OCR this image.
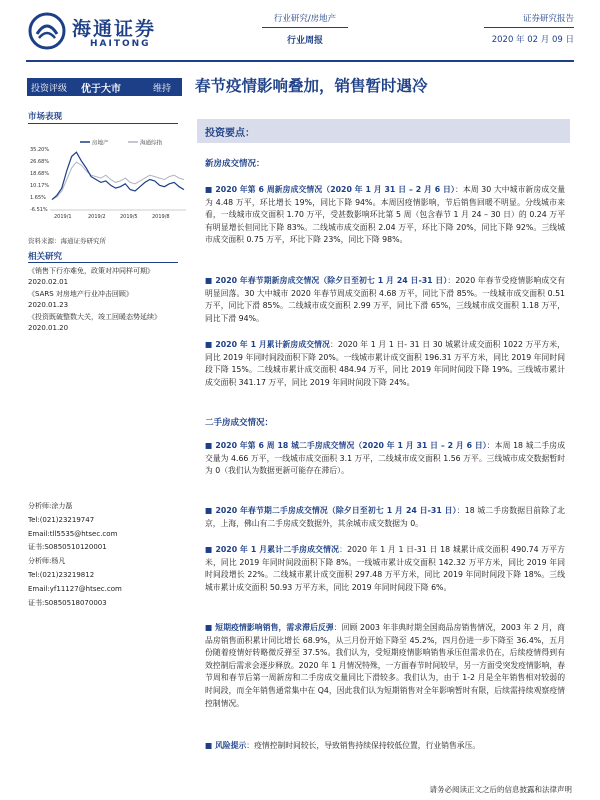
海通证券
HAITONG
行业研究/房地产
行业周报
证券研究报告
2020 年 02 月 09 日
投资评级 优于大市	维持 春节疫情影响叠加，销售暂时遇冷
市场表现
房地产	海通综指
35.20%
26.68%
18.68%
10.17%
1.65%
-6.51%
2019/1	2019/2	2019/5	2019/8
资料来源：海通证券研究所
相关研究
《销售下行亦难免，政策对冲同样可期》
2020.02.01
《SARS 对房地产行业冲击回顾》
2020.01.23
《投资既破整数大关，竣工回暖态势延续》
2020.01.20
分析师:涂力磊
Tel:(021)23219747
Email:tll5535@htsec.com
证书:S0850510120001
分析师:杨凡
Tel:(021)23219812
Email:yf11127@htsec.com
证书:S0850518070003
投资要点：
新房成交情况：
■ 2020 年第 6 周新房成交情况（2020 年 1 月 31 日 – 2 月 6 日）：本周 30 大中城市新房成交量为 4.48 万平，环比增长 19%，同比下降 94%。本周因疫情影响，节后销售回暖不明显。分线城市来看，一线城市成交面积 1.70 万平，受甚数影响环比第 5 周（包含春节 1 月 24 – 30 日）的 0.24 万平有明显增长但同比下降 83%。二线城市成交面积 2.04 万平，环比下降 20%，同比下降 92%。三线城市成交面积 0.75 万平，环比下降 23%，同比下降 98%。
■ 2020 年春节期新房成交情况（除夕日至初七 1 月 24 日-31 日）：2020 年春节受疫情影响成交有明显回落。30 大中城市 2020 年春节周成交面积 4.68 万平，同比下滑 85%。一线城市成交面积 0.51 万平，同比下滑 85%。二线城市成交面积 2.99 万平，同比下滑 65%，三线城市成交面积 1.18 万平，同比下滑 94%。
■ 2020 年 1 月累计新房成交情况：2020 年 1 月 1 日- 31 日 30 城累计成交面积 1022 万平方米，同比 2019 年同时间段面积下降 20%。一线城市累计成交面积 196.31 万平方米，同比 2019 年同时间段下降 15%。二线城市累计成交面积 484.94 万平，同比 2019 年同时间段下降 19%。三线城市累计成交面积 341.17 万平，同比 2019 年同时间段下降 24%。
二手房成交情况：
■ 2020 年第 6 周 18 城二手房成交情况（2020 年 1 月 31 日 – 2 月 6 日）：本周 18 城二手房成交量为 4.66 万平，一线城市成交面积 3.1 万平，二线城市成交面积 1.56 万平。三线城市成交数据暂时为 0（我们认为数据更新可能存在滞后）。
■ 2020 年春节期二手房成交情况（除夕日至初七 1 月 24 日-31 日）：18 城二手房数据目前除了北京，上海，佛山有二手房成交数据外，其余城市成交数据为 0。
■ 2020 年 1 月累计二手房成交情况：2020 年 1 月 1 日-31 日 18 城累计成交面积 490.74 万平方米，同比 2019 年同时间段面积下降 8%。一线城市累计成交面积 142.32 万平方米，同比 2019 年同时间段增长 22%。二线城市累计成交面积 297.48 万平方米，同比 2019 年同时间段下降 18%。三线城市累计成交面积 50.93 万平方米，同比 2019 年同时间段下降 6%。
■ 短期疫情影响销售，需求滞后反弹：回顾 2003 年非典时期全国商品房销售情况，2003 年 2 月，商品房销售面积累计同比增长 68.9%，从三月份开始下降至 45.2%，四月份进一步下降至 36.4%，五月份随着疫情好转略微反弹至 37.5%。我们认为，受短期疫情影响销售承压但需求仍在，后续疫情得到有效控制后需求会逐步释放。2020 年 1 月情况特殊，一方面春节时间较早，另一方面受突发疫情影响，春节周和春节后第一周新房和二手房成交量同比下滑较多。我们认为，由于 1-2 月是全年销售相对较弱的时间段，而全年销售通常集中在 Q4，因此我们认为短期销售对全年影响暂时有限，后续需持续观察疫情控制情况。
■ 风险提示：疫情控制时间较长，导致销售持续保持较低位置，行业销售承压。
请务必阅读正文之后的信息披露和法律声明
